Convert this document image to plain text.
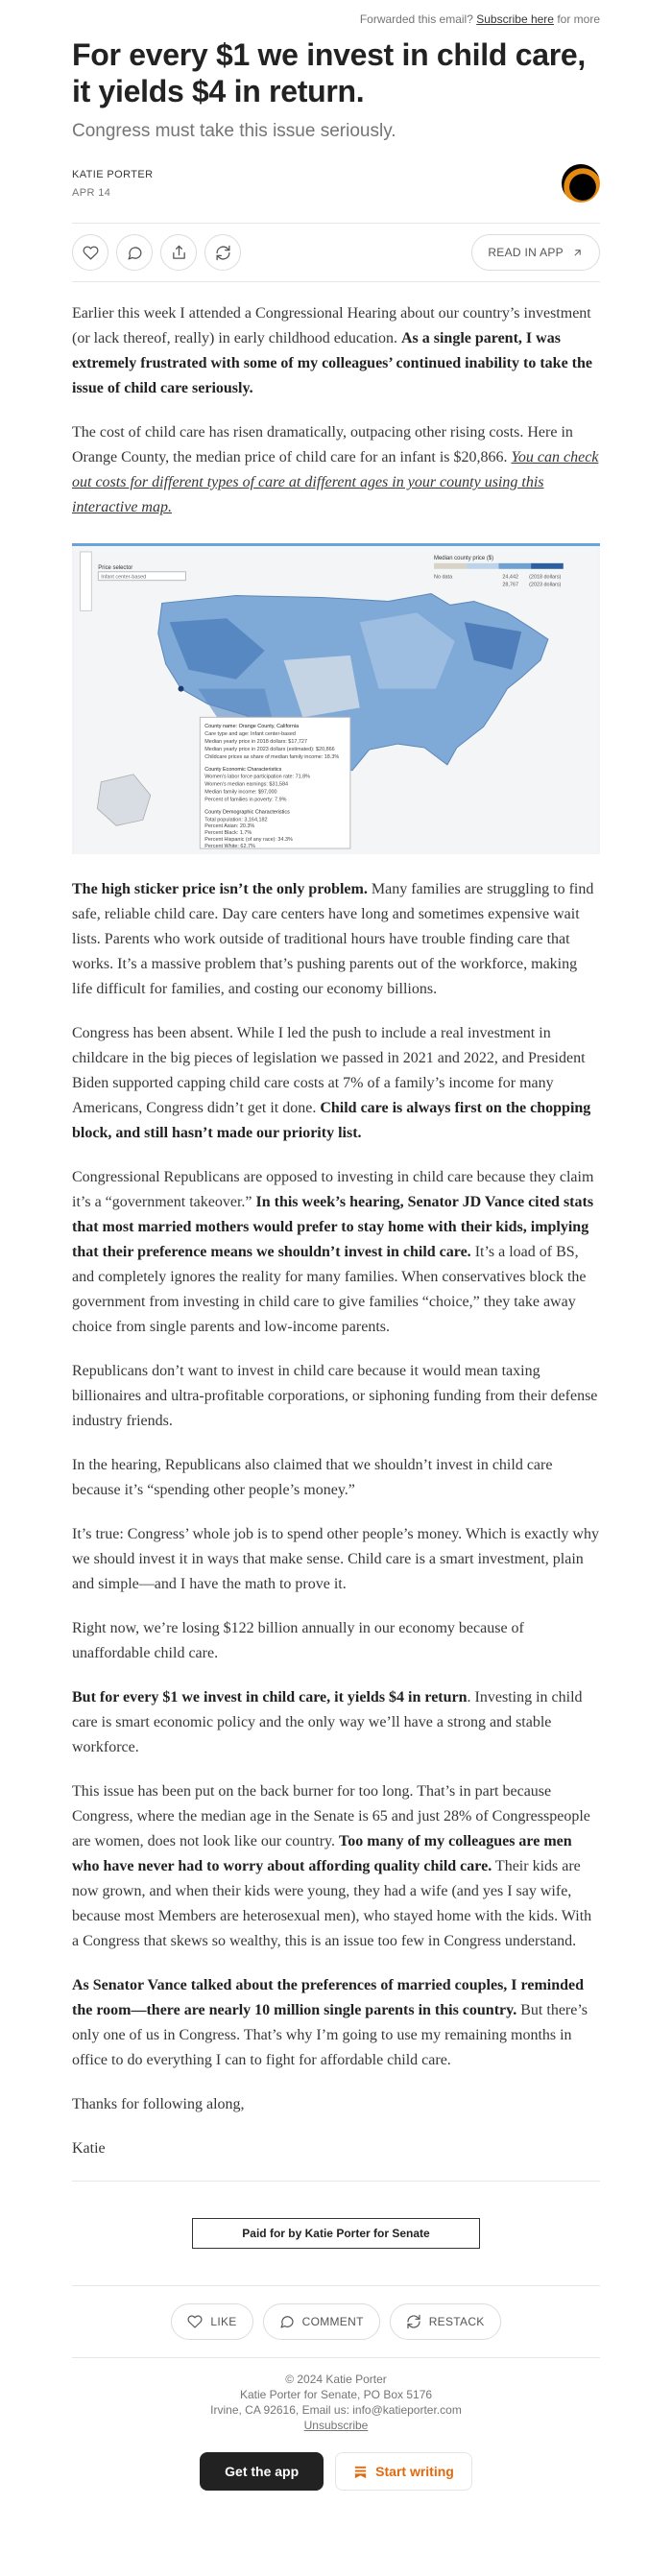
Forwarded this email? Subscribe here for more
For every $1 we invest in child care, it yields $4 in return.
Congress must take this issue seriously.
KATIE PORTER
APR 14
READ IN APP

Earlier this week I attended a Congressional Hearing about our country’s investment (or lack thereof, really) in early childhood education. As a single parent, I was extremely frustrated with some of my colleagues’ continued inability to take the issue of child care seriously.

The cost of child care has risen dramatically, outpacing other rising costs. Here in Orange County, the median price of child care for an infant is $20,866. You can check out costs for different types of care at different ages in your county using this interactive map.

Price selector
Infant center-based
Median county price ($)
No data	24,442 (2018 dollars)
28,767 (2023 dollars)
County name: Orange County, California
Care type and age: Infant center-based
Median yearly price in 2018 dollars: $17,727
Median yearly price in 2023 dollars (estimated): $20,866
Childcare prices as share of median family income: 18.3%
County Economic Characteristics
Women's labor force participation rate: 71.8%
Women's median earnings: $31,584
Median family income: $97,000
Percent of families in poverty: 7.9%
County Demographic Characteristics
Total population: 3,164,182
Percent Asian: 20.3%
Percent Black: 1.7%
Percent Hispanic (of any race): 34.3%
Percent White: 62.7%

The high sticker price isn’t the only problem. Many families are struggling to find safe, reliable child care. Day care centers have long and sometimes expensive wait lists. Parents who work outside of traditional hours have trouble finding care that works. It’s a massive problem that’s pushing parents out of the workforce, making life difficult for families, and costing our economy billions.

Congress has been absent. While I led the push to include a real investment in childcare in the big pieces of legislation we passed in 2021 and 2022, and President Biden supported capping child care costs at 7% of a family’s income for many Americans, Congress didn’t get it done. Child care is always first on the chopping block, and still hasn’t made our priority list.

Congressional Republicans are opposed to investing in child care because they claim it’s a “government takeover.” In this week’s hearing, Senator JD Vance cited stats that most married mothers would prefer to stay home with their kids, implying that their preference means we shouldn’t invest in child care. It’s a load of BS, and completely ignores the reality for many families. When conservatives block the government from investing in child care to give families “choice,” they take away choice from single parents and low-income parents.

Republicans don’t want to invest in child care because it would mean taxing billionaires and ultra-profitable corporations, or siphoning funding from their defense industry friends.

In the hearing, Republicans also claimed that we shouldn’t invest in child care because it’s “spending other people’s money.”

It’s true: Congress’ whole job is to spend other people’s money. Which is exactly why we should invest it in ways that make sense. Child care is a smart investment, plain and simple—and I have the math to prove it.

Right now, we’re losing $122 billion annually in our economy because of unaffordable child care.

But for every $1 we invest in child care, it yields $4 in return. Investing in child care is smart economic policy and the only way we’ll have a strong and stable workforce.

This issue has been put on the back burner for too long. That’s in part because Congress, where the median age in the Senate is 65 and just 28% of Congresspeople are women, does not look like our country. Too many of my colleagues are men who have never had to worry about affording quality child care. Their kids are now grown, and when their kids were young, they had a wife (and yes I say wife, because most Members are heterosexual men), who stayed home with the kids. With a Congress that skews so wealthy, this is an issue too few in Congress understand.

As Senator Vance talked about the preferences of married couples, I reminded the room—there are nearly 10 million single parents in this country. But there’s only one of us in Congress. That’s why I’m going to use my remaining months in office to do everything I can to fight for affordable child care.

Thanks for following along,

Katie

Paid for by Katie Porter for Senate
LIKE	COMMENT	RESTACK
© 2024 Katie Porter
Katie Porter for Senate, PO Box 5176
Irvine, CA 92616, Email us: info@katieporter.com
Unsubscribe
Get the app	Start writing
